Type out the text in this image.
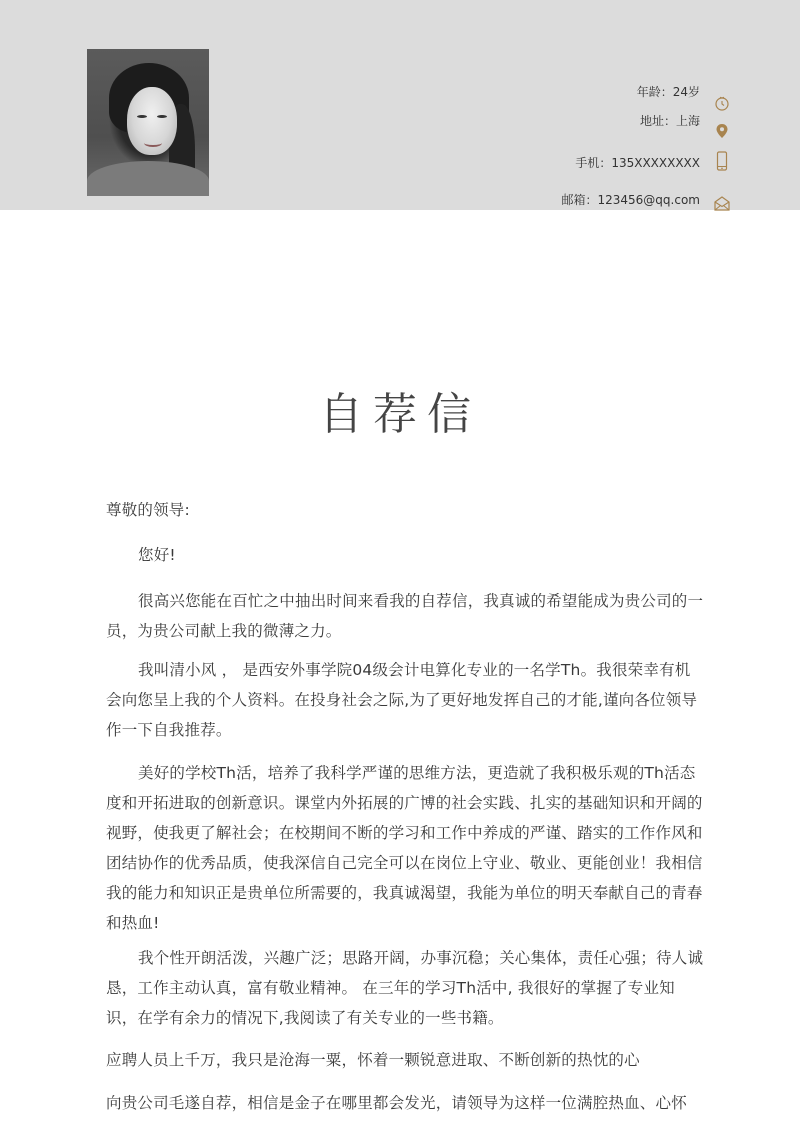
年龄：24岁
地址：上海
手机：135XXXXXXXX
邮箱：123456@qq.com
自荐信
尊敬的领导:
您好!
很高兴您能在百忙之中抽出时间来看我的自荐信，我真诚的希望能成为贵公司的一员，为贵公司献上我的微薄之力。
我叫清小风 ， 是西安外事学院04级会计电算化专业的一名学Th。我很荣幸有机会向您呈上我的个人资料。在投身社会之际,为了更好地发挥自己的才能,谨向各位领导作一下自我推荐。
美好的学校Th活，培养了我科学严谨的思维方法，更造就了我积极乐观的Th活态度和开拓进取的创新意识。课堂内外拓展的广博的社会实践、扎实的基础知识和开阔的视野，使我更了解社会；在校期间不断的学习和工作中养成的严谨、踏实的工作作风和团结协作的优秀品质，使我深信自己完全可以在岗位上守业、敬业、更能创业！我相信我的能力和知识正是贵单位所需要的，我真诚渴望，我能为单位的明天奉献自己的青春和热血!
我个性开朗活泼，兴趣广泛；思路开阔，办事沉稳；关心集体，责任心强；待人诚恳，工作主动认真，富有敬业精神。 在三年的学习Th活中, 我很好的掌握了专业知识，在学有余力的情况下,我阅读了有关专业的一些书籍。
应聘人员上千万，我只是沧海一粟，怀着一颗锐意进取、不断创新的热忱的心
向贵公司毛遂自荐，相信是金子在哪里都会发光，请领导为这样一位满腔热血、心怀
